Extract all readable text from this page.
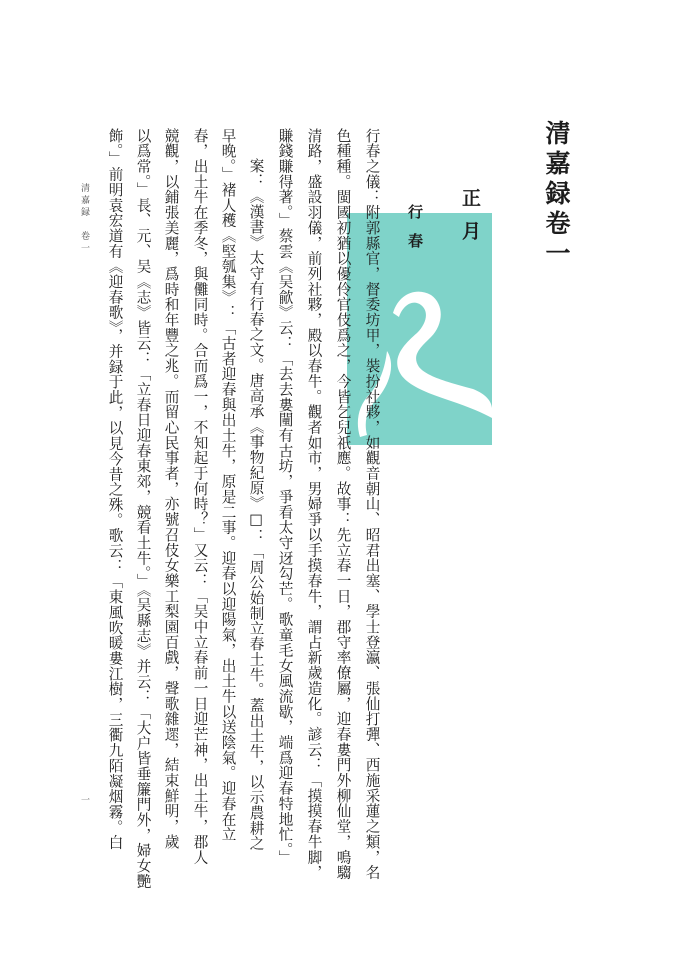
清嘉録卷一
正月
行春

行春之儀：附郭縣官，督委坊甲，裝扮社夥，如觀音朝山、昭君出塞、學士登瀛、張仙打彈、西施采蓮之類，名

色種種。閩國初猶以優伶官伎爲之，今皆乞兒祇應。故事：先立春一日，郡守率僚屬，迎春婁門外柳仙堂，鳴騶

清路，盛設羽儀，前列社夥，殿以春牛。觀者如市，男婦爭以手摸春牛，謂占新歲造化。諺云：「摸摸春牛脚，

賺錢賺得著。」蔡雲《吴歈》云：「去去婁闉有古坊，爭看太守迓勾芒。歌童毛女風流歇，端爲迎春特地忙。」

案：《漢書》太守有行春之文。唐高承《事物紀原》□：「周公始制立春土牛。蓋出土牛，以示農耕之

早晚。」褚人穫《堅瓠集》：「古者迎春與出土牛，原是二事。迎春以迎陽氣，出土牛以送陰氣。迎春在立

春，出土牛在季冬，與儺同時。合而爲一，不知起于何時？」又云：「吴中立春前一日迎芒神，出土牛，郡人

競觀，以鋪張美麗，爲時和年豐之兆。而留心民事者，亦號召伎女樂工梨園百戲，聲歌雜遝，結束鮮明，歲

以爲常。」長、元、吴《志》皆云：「立春日迎春東郊，競看土牛。」《吴縣志》并云：「大户皆垂簾門外，婦女艷

飾。」前明袁宏道有《迎春歌》，并録于此，以見今昔之殊。歌云：「東風吹暖婁江樹，三衢九陌凝烟霧。白

清嘉録　卷一
一
